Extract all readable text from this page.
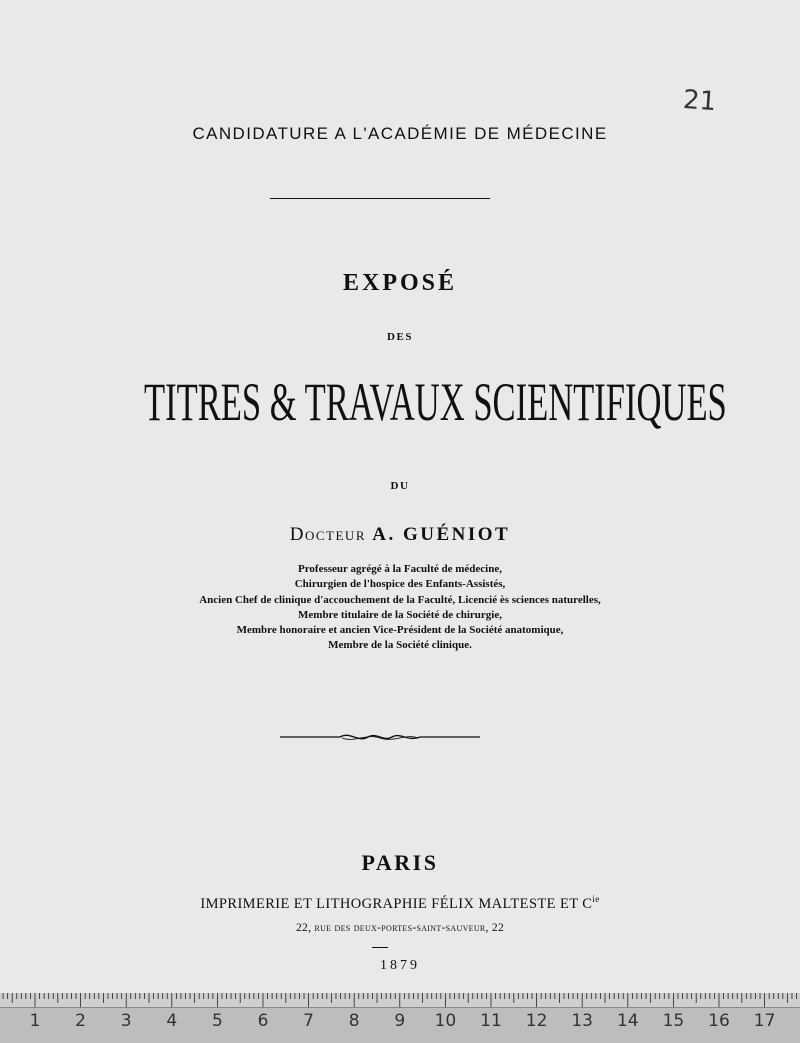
21
CANDIDATURE A L'ACADÉMIE DE MÉDECINE
EXPOSÉ
DES
TITRES & TRAVAUX SCIENTIFIQUES
DU
Docteur A. GUÉNIOT
Professeur agrégé à la Faculté de médecine,
Chirurgien de l'hospice des Enfants-Assistés,
Ancien Chef de clinique d'accouchement de la Faculté, Licencié ès sciences naturelles,
Membre titulaire de la Société de chirurgie,
Membre honoraire et ancien Vice-Président de la Société anatomique,
Membre de la Société clinique.
PARIS
IMPRIMERIE ET LITHOGRAPHIE FÉLIX MALTESTE ET $C^{ie}$
22, rue des deux-portes-saint-sauveur, 22
1879
1	2	3	4	5	6	7	8	9	10 11 12 13 14 15 16 17
